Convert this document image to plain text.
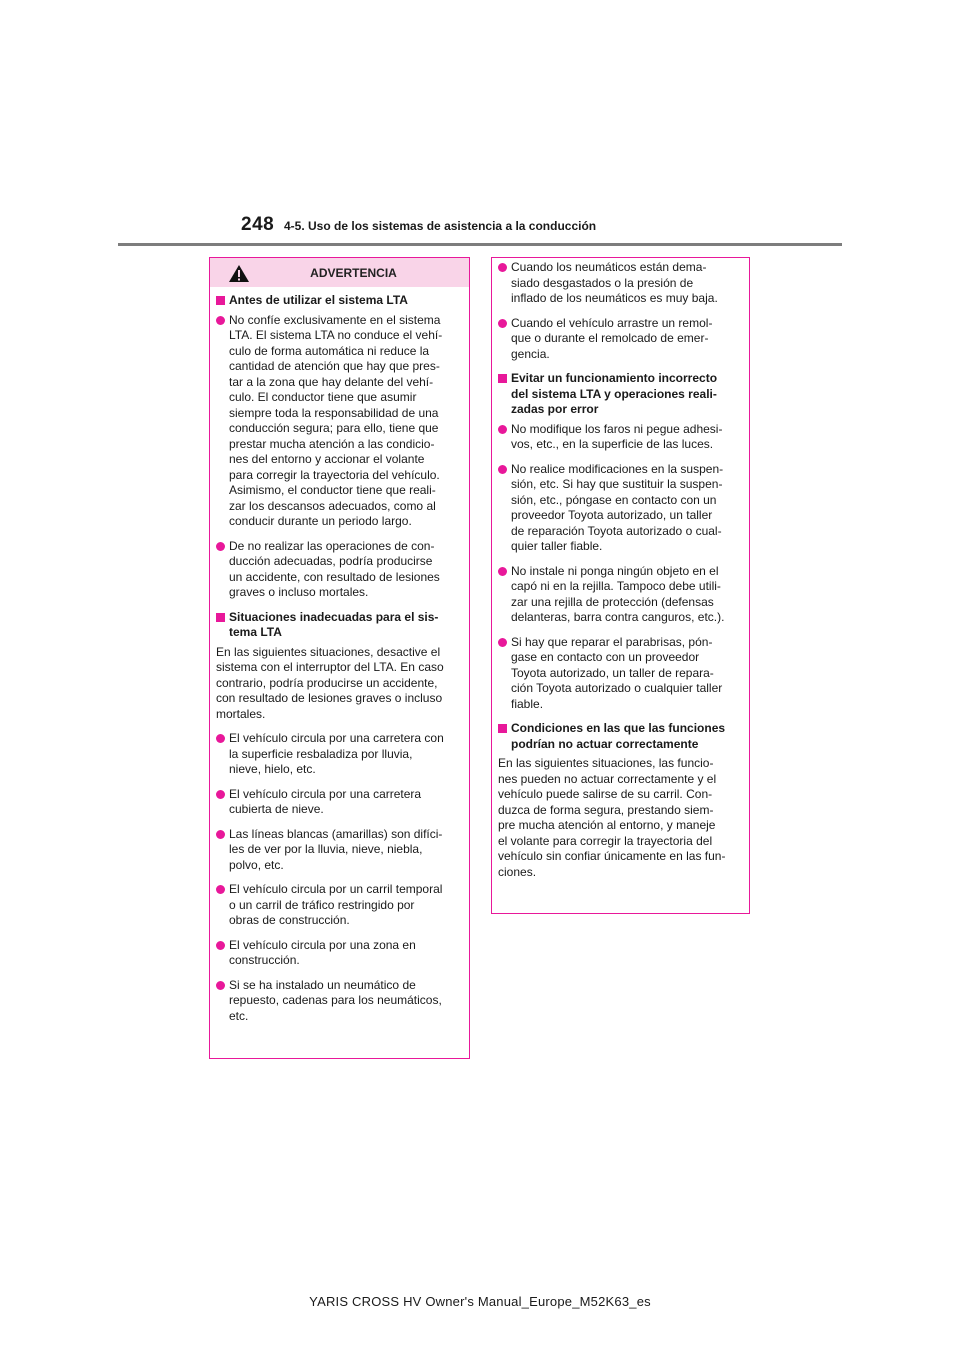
248 4-5. Uso de los sistemas de asistencia a la conducción
ADVERTENCIA
Antes de utilizar el sistema LTA
No confíe exclusivamente en el sistema
LTA. El sistema LTA no conduce el vehí-
culo de forma automática ni reduce la
cantidad de atención que hay que pres-
tar a la zona que hay delante del vehí-
culo. El conductor tiene que asumir
siempre toda la responsabilidad de una
conducción segura; para ello, tiene que
prestar mucha atención a las condicio-
nes del entorno y accionar el volante
para corregir la trayectoria del vehículo.
Asimismo, el conductor tiene que reali-
zar los descansos adecuados, como al
conducir durante un periodo largo.
De no realizar las operaciones de con-
ducción adecuadas, podría producirse
un accidente, con resultado de lesiones
graves o incluso mortales.
Situaciones inadecuadas para el sis-
tema LTA
En las siguientes situaciones, desactive el
sistema con el interruptor del LTA. En caso
contrario, podría producirse un accidente,
con resultado de lesiones graves o incluso
mortales.
El vehículo circula por una carretera con
la superficie resbaladiza por lluvia,
nieve, hielo, etc.
El vehículo circula por una carretera
cubierta de nieve.
Las líneas blancas (amarillas) son difíci-
les de ver por la lluvia, nieve, niebla,
polvo, etc.
El vehículo circula por un carril temporal
o un carril de tráfico restringido por
obras de construcción.
El vehículo circula por una zona en
construcción.
Si se ha instalado un neumático de
repuesto, cadenas para los neumáticos,
etc.
Cuando los neumáticos están dema-
siado desgastados o la presión de
inflado de los neumáticos es muy baja.
Cuando el vehículo arrastre un remol-
que o durante el remolcado de emer-
gencia.
Evitar un funcionamiento incorrecto
del sistema LTA y operaciones reali-
zadas por error
No modifique los faros ni pegue adhesi-
vos, etc., en la superficie de las luces.
No realice modificaciones en la suspen-
sión, etc. Si hay que sustituir la suspen-
sión, etc., póngase en contacto con un
proveedor Toyota autorizado, un taller
de reparación Toyota autorizado o cual-
quier taller fiable.
No instale ni ponga ningún objeto en el
capó ni en la rejilla. Tampoco debe utili-
zar una rejilla de protección (defensas
delanteras, barra contra canguros, etc.).
Si hay que reparar el parabrisas, pón-
gase en contacto con un proveedor
Toyota autorizado, un taller de repara-
ción Toyota autorizado o cualquier taller
fiable.
Condiciones en las que las funciones
podrían no actuar correctamente
En las siguientes situaciones, las funcio-
nes pueden no actuar correctamente y el
vehículo puede salirse de su carril. Con-
duzca de forma segura, prestando siem-
pre mucha atención al entorno, y maneje
el volante para corregir la trayectoria del
vehículo sin confiar únicamente en las fun-
ciones.
YARIS CROSS HV Owner's Manual_Europe_M52K63_es
